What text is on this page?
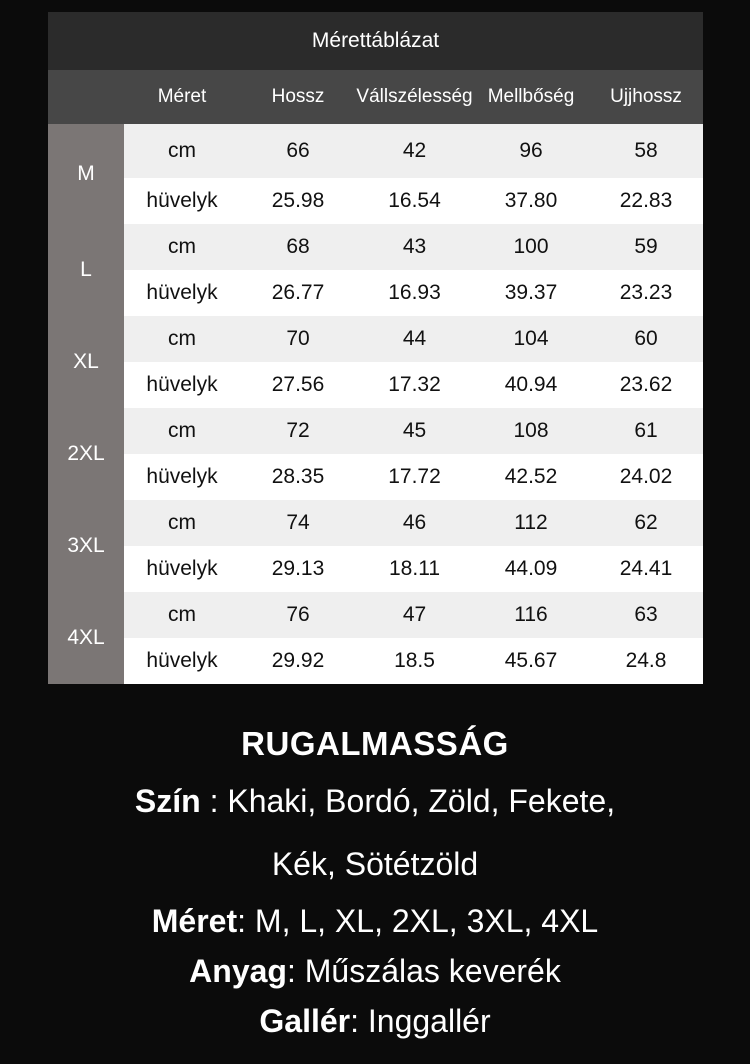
Mérettáblázat					
	Méret	Hossz	Vállszélesség	Mellbőség	Ujjhossz
M	cm	66	42	96	58
	hüvelyk	25.98	16.54	37.80	22.83
L	cm	68	43	100	59
	hüvelyk	26.77	16.93	39.37	23.23
XL	cm	70	44	104	60
	hüvelyk	27.56	17.32	40.94	23.62
2XL	cm	72	45	108	61
	hüvelyk	28.35	17.72	42.52	24.02
3XL	cm	74	46	112	62
	hüvelyk	29.13	18.11	44.09	24.41
4XL	cm	76	47	116	63
	hüvelyk	29.92	18.5	45.67	24.8

RUGALMASSÁG

Szín : Khaki, Bordó, Zöld, Fekete,

Kék, Sötétzöld

Méret: M, L, XL, 2XL, 3XL, 4XL

Anyag: Műszálas keverék

Gallér: Inggallér
